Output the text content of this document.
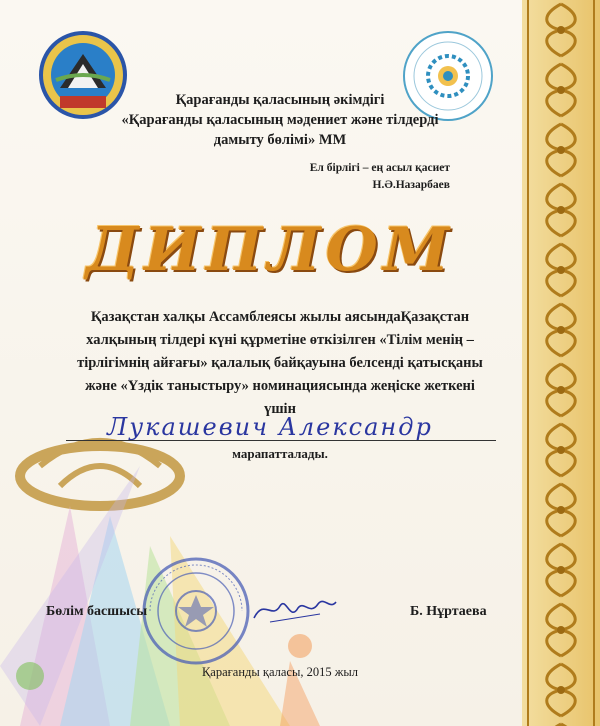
Қарағанды қаласының әкімдігі
«Қарағанды қаласының мәдениет және тілдерді
дамыту бөлімі» ММ
Ел бірлігі – ең асыл қасиет
Н.Ә.Назарбаев
ДИПЛОМ
Қазақстан халқы Ассамблеясы жылы аясындаҚазақстан
халқының тілдері күні құрметіне өткізілген «Тілім менің –
тірлігімнің айғағы» қалалық байқауына белсенді қатысқаны
және «Үздік таныстыру» номинациясында жеңіске жеткені
үшін
Лукашевич Александр
марапатталады.
Бөлім басшысы	Б. Нұртаева
Қарағанды қаласы, 2015 жыл
